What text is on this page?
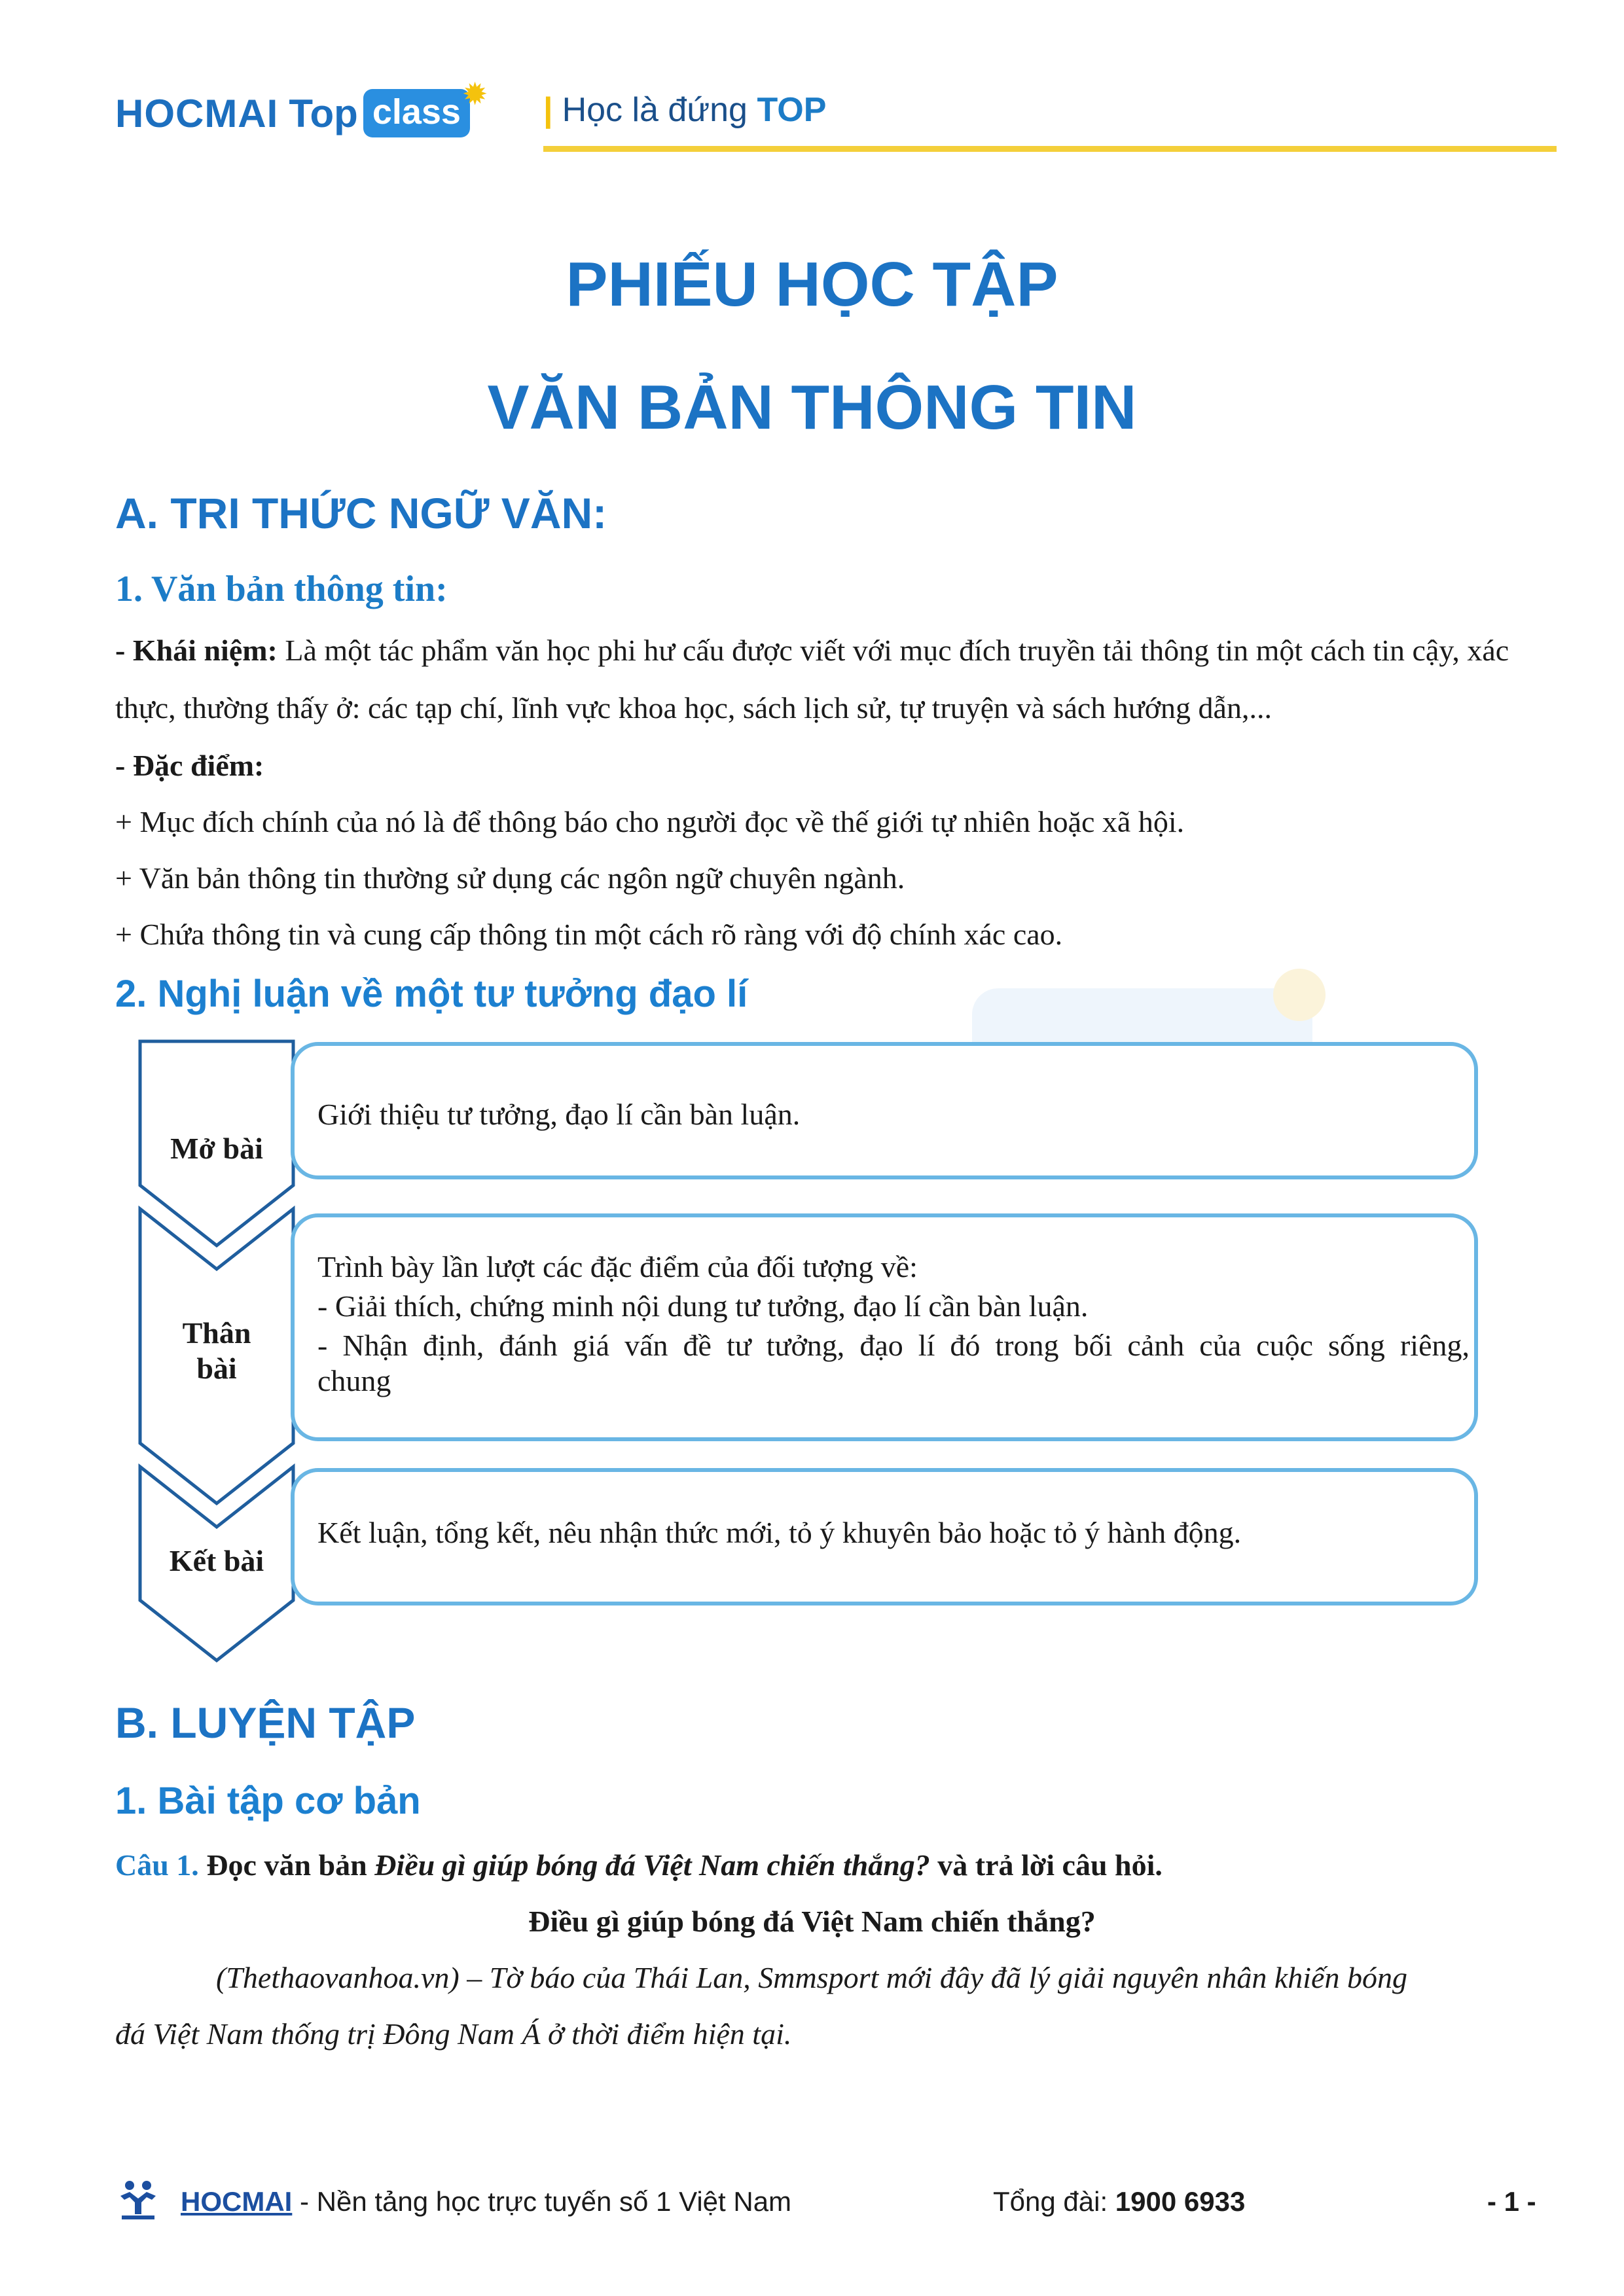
HOCMAI Top class ✹ | Học là đứng TOP
PHIẾU HỌC TẬP
VĂN BẢN THÔNG TIN
A. TRI THỨC NGỮ VĂN:
1. Văn bản thông tin:
- Khái niệm: Là một tác phẩm văn học phi hư cấu được viết với mục đích truyền tải thông tin một cách tin cậy, xác thực, thường thấy ở: các tạp chí, lĩnh vực khoa học, sách lịch sử, tự truyện và sách hướng dẫn,...
- Đặc điểm:
+ Mục đích chính của nó là để thông báo cho người đọc về thế giới tự nhiên hoặc xã hội.
+ Văn bản thông tin thường sử dụng các ngôn ngữ chuyên ngành.
+ Chứa thông tin và cung cấp thông tin một cách rõ ràng với độ chính xác cao.
2. Nghị luận về một tư tưởng đạo lí
Mở bài
Thân
bài
Kết bài
Giới thiệu tư tưởng, đạo lí cần bàn luận.
Trình bày lần lượt các đặc điểm của đối tượng về:
- Giải thích, chứng minh nội dung tư tưởng, đạo lí cần bàn luận.
- Nhận định, đánh giá vấn đề tư tưởng, đạo lí đó trong bối cảnh của cuộc sống riêng,
chung
Kết luận, tổng kết, nêu nhận thức mới, tỏ ý khuyên bảo hoặc tỏ ý hành động.
B. LUYỆN TẬP
1. Bài tập cơ bản
Câu 1. Đọc văn bản Điều gì giúp bóng đá Việt Nam chiến thắng? và trả lời câu hỏi.
Điều gì giúp bóng đá Việt Nam chiến thắng?
(Thethaovanhoa.vn) – Tờ báo của Thái Lan, Smmsport mới đây đã lý giải nguyên nhân khiến bóng
đá Việt Nam thống trị Đông Nam Á ở thời điểm hiện tại.
HOCMAI - Nền tảng học trực tuyến số 1 Việt Nam	Tổng đài: 1900 6933	- 1 -
